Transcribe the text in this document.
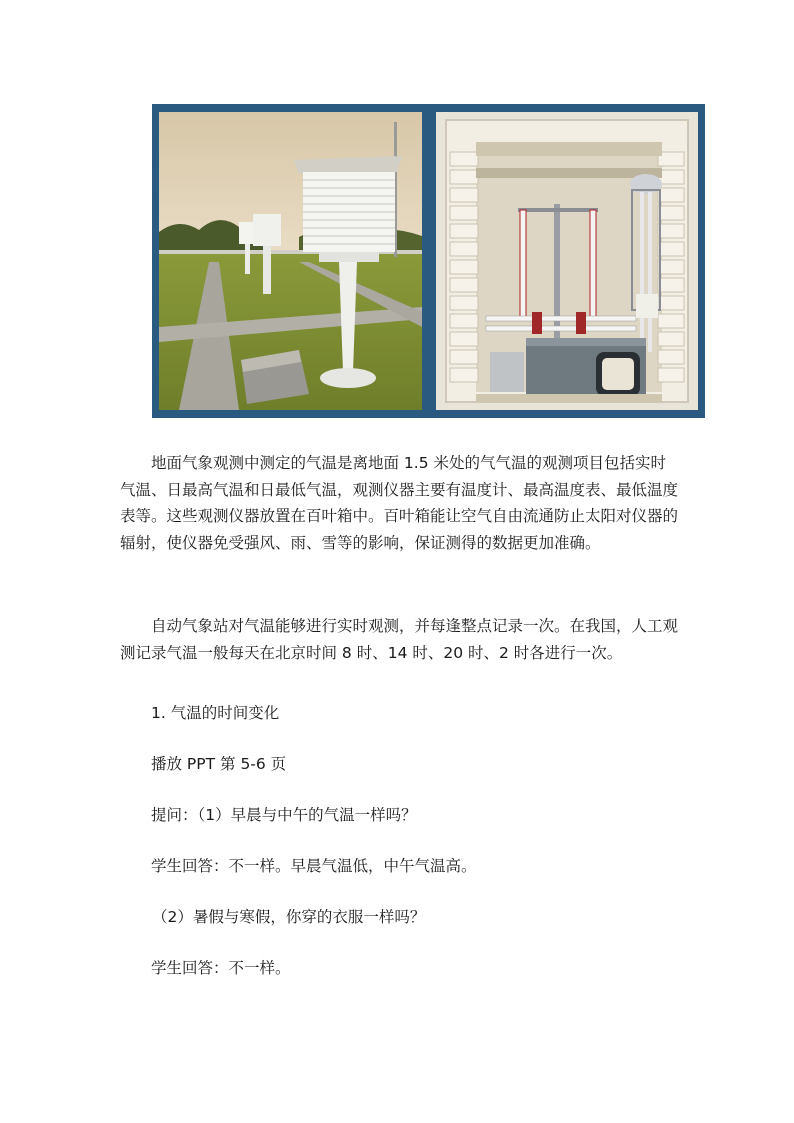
地面气象观测中测定的气温是离地面 1.5 米处的气气温的观测项目包括实时气温、日最高气温和日最低气温，观测仪器主要有温度计、最高温度表、最低温度表等。这些观测仪器放置在百叶箱中。百叶箱能让空气自由流通防止太阳对仪器的辐射，使仪器免受强风、雨、雪等的影响，保证测得的数据更加准确。

自动气象站对气温能够进行实时观测，并每逢整点记录一次。在我国，人工观测记录气温一般每天在北京时间 8 时、14 时、20 时、2 时各进行一次。

1. 气温的时间变化

播放 PPT 第 5-6 页

提问：（1）早晨与中午的气温一样吗？

学生回答：不一样。早晨气温低，中午气温高。

（2）暑假与寒假，你穿的衣服一样吗？

学生回答：不一样。
